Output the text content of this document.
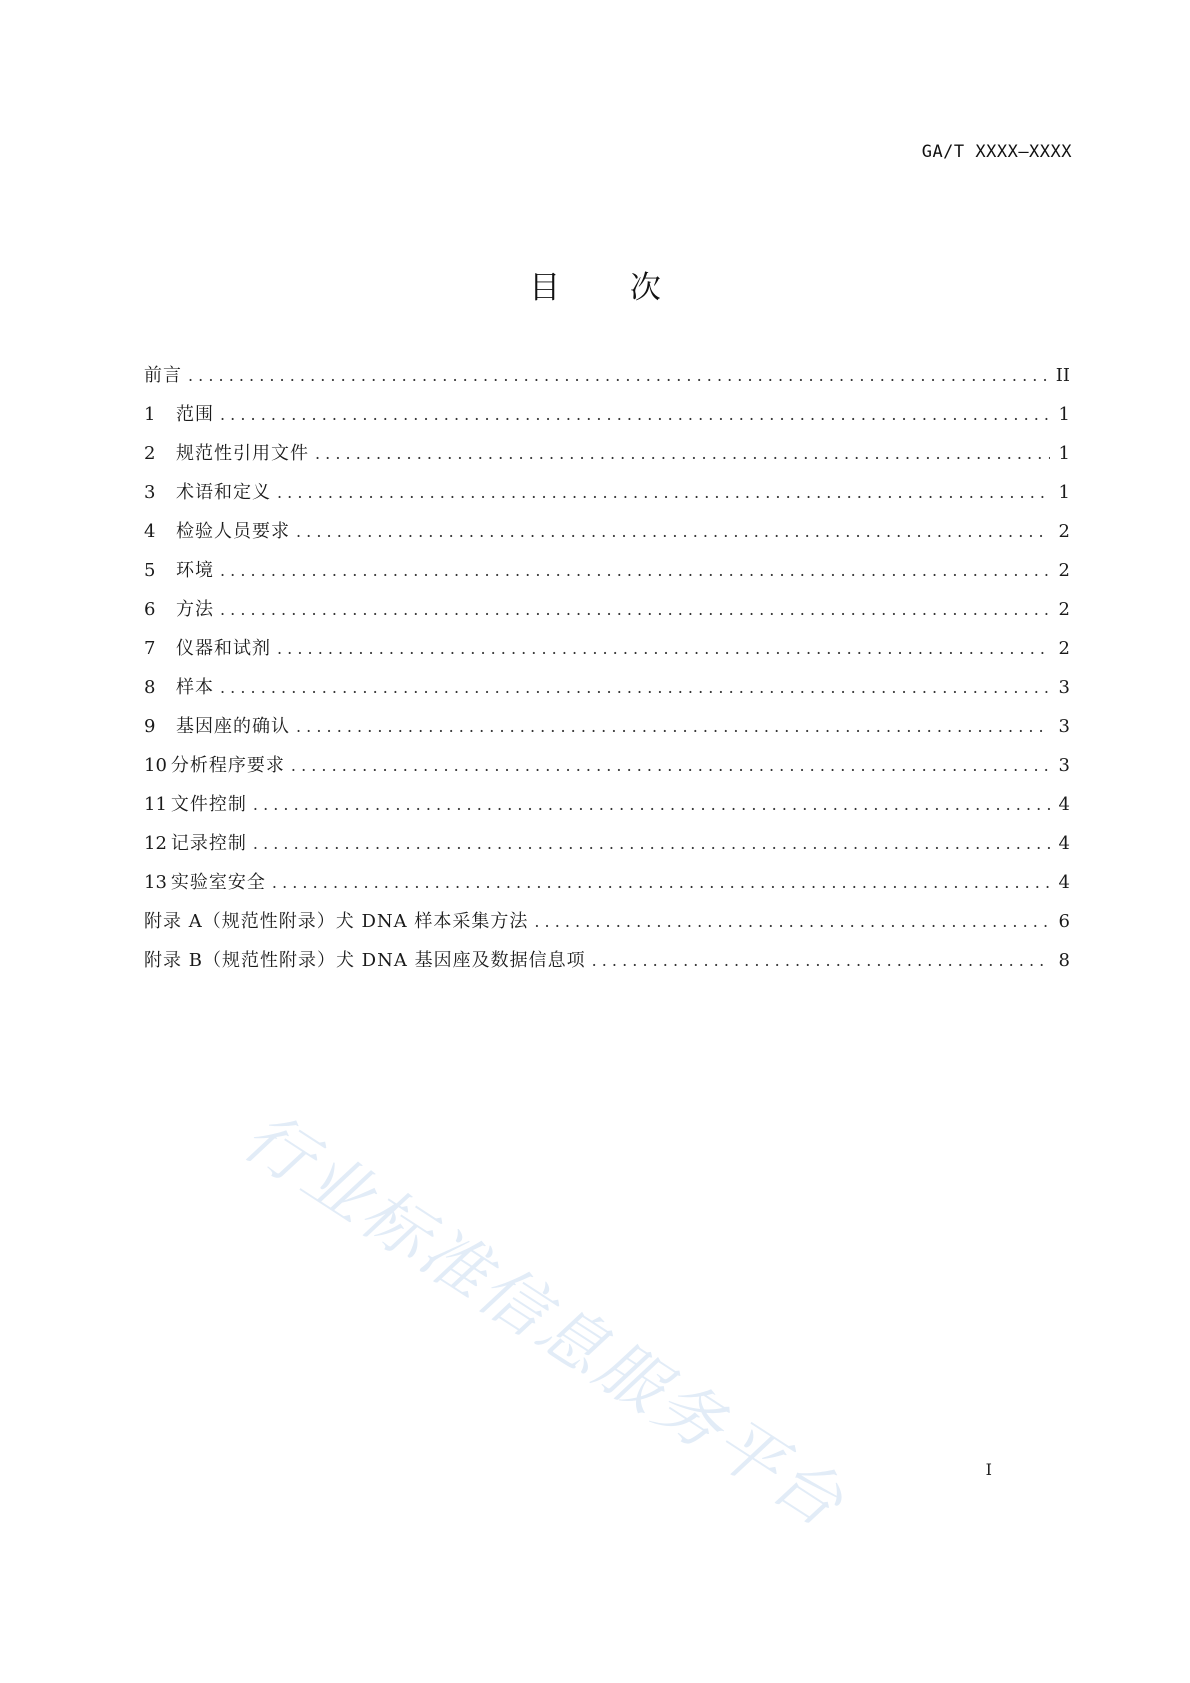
GA/T XXXX—XXXX
目 次
前言 . . .	II
1	范围 . . .	1
2	规范性引用文件 . . .	1
3	术语和定义 . . .	1
4	检验人员要求 . . .	2
5	环境 . . .	2
6	方法 . . .	2
7	仪器和试剂 . . .	2
8	样本 . . .	3
9	基因座的确认 . . .	3
10 分析程序要求 . . .	3
11 文件控制 . . .	4
12 记录控制 . . .	4
13 实验室安全 . . .	4
附录 A（规范性附录）犬 DNA 样本采集方法 . . .	6
附录 B（规范性附录）犬 DNA 基因座及数据信息项 . . .	8
行业标准信息服务平台	I
